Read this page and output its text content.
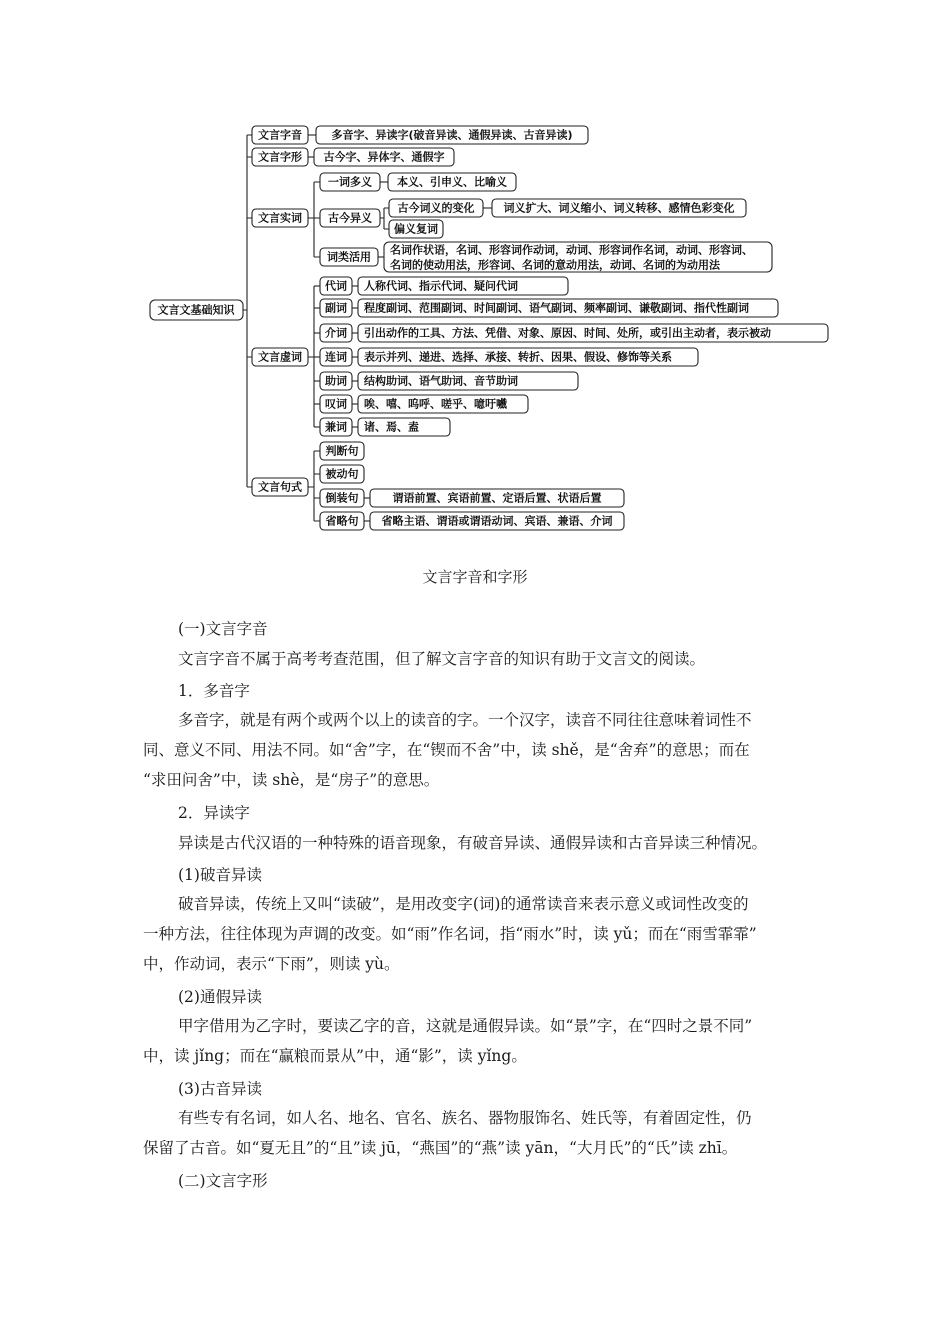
文言文基础知识
文言字音	多音字、异读字(破音异读、通假异读、古音异读)
文言字形 古今字、异体字、通假字
文言实词
一词多义 本义、引申义、比喻义
古今异义
古今词义的变化	词义扩大、词义缩小、词义转移、感情色彩变化
偏义复词
词类活用
名词作状语，名词、形容词作动词，动词、形容词作名词，动词、形容词、
名词的使动用法，形容词、名词的意动用法，动词、名词的为动用法
文言虚词
代词 人称代词、指示代词、疑问代词
副词 程度副词、范围副词、时间副词、语气副词、频率副词、谦敬副词、指代性副词
介词 引出动作的工具、方法、凭借、对象、原因、时间、处所，或引出主动者，表示被动
连词 表示并列、递进、选择、承接、转折、因果、假设、修饰等关系
助词 结构助词、语气助词、音节助词
叹词 唉、嘻、呜呼、嗟乎、噫吁嚱
兼词 诸、焉、盍
文言句式
判断句
被动句
倒装句	谓语前置、宾语前置、定语后置、状语后置
省略句 省略主语、谓语或谓语动词、宾语、兼语、介词
文言字音和字形
(一)文言字音
文言字音不属于高考考查范围，但了解文言字音的知识有助于文言文的阅读。
1．多音字
多音字，就是有两个或两个以上的读音的字。一个汉字，读音不同往往意味着词性不
同、意义不同、用法不同。如“舍”字，在“锲而不舍”中，读 shě，是“舍弃”的意思；而在
“求田问舍”中，读 shè，是“房子”的意思。
2．异读字
异读是古代汉语的一种特殊的语音现象，有破音异读、通假异读和古音异读三种情况。
(1)破音异读
破音异读，传统上又叫“读破”，是用改变字(词)的通常读音来表示意义或词性改变的
一种方法，往往体现为声调的改变。如“雨”作名词，指“雨水”时，读 yǔ；而在“雨雪霏霏”
中，作动词，表示“下雨”，则读 yù。
(2)通假异读
甲字借用为乙字时，要读乙字的音，这就是通假异读。如“景”字，在“四时之景不同”
中，读 jǐng；而在“赢粮而景从”中，通“影”，读 yǐng。
(3)古音异读
有些专有名词，如人名、地名、官名、族名、器物服饰名、姓氏等，有着固定性，仍
保留了古音。如“夏无且”的“且”读 jū，“燕国”的“燕”读 yān，“大月氏”的“氏”读 zhī。
(二)文言字形
